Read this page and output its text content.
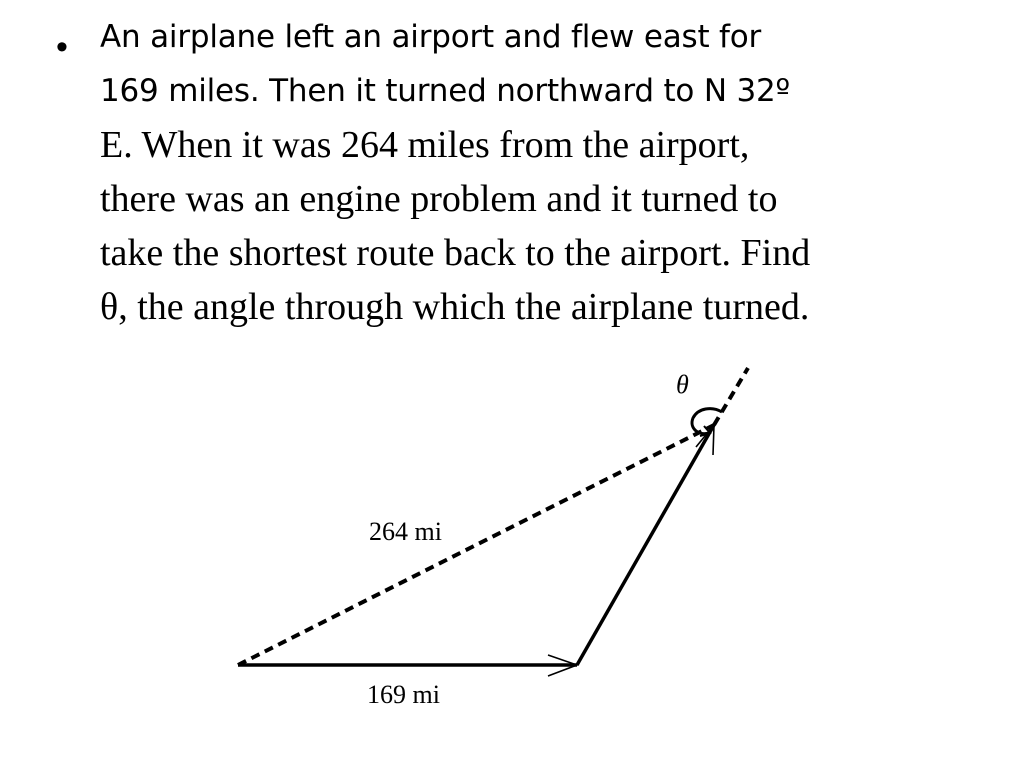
• An airplane left an airport and flew east for
169 miles. Then it turned northward to N 32º
E. When it was 264 miles from the airport,
there was an engine problem and it turned to
take the shortest route back to the airport. Find
θ, the angle through which the airplane turned.
θ
264 mi
169 mi
